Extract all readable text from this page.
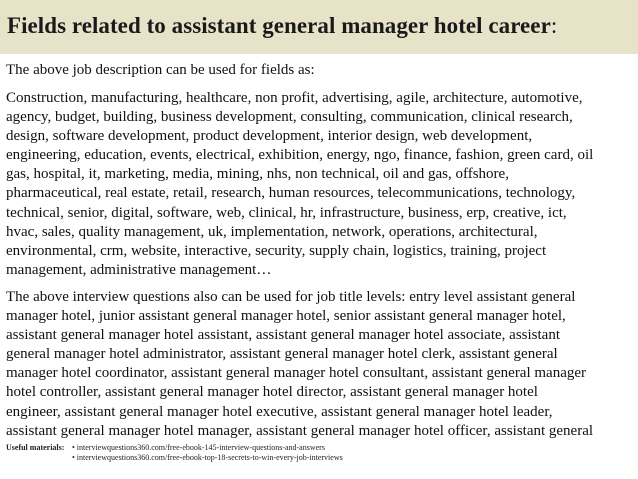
Fields related to assistant general manager hotel career:
The above job description can be used for fields as:
Construction, manufacturing, healthcare, non profit, advertising, agile, architecture, automotive,
agency, budget, building, business development, consulting, communication, clinical research,
design, software development, product development, interior design, web development,
engineering, education, events, electrical, exhibition, energy, ngo, finance, fashion, green card, oil
gas, hospital, it, marketing, media, mining, nhs, non technical, oil and gas, offshore,
pharmaceutical, real estate, retail, research, human resources, telecommunications, technology,
technical, senior, digital, software, web, clinical, hr, infrastructure, business, erp, creative, ict,
hvac, sales, quality management, uk, implementation, network, operations, architectural,
environmental, crm, website, interactive, security, supply chain, logistics, training, project
management, administrative management…
The above interview questions also can be used for job title levels: entry level assistant general
manager hotel, junior assistant general manager hotel, senior assistant general manager hotel,
assistant general manager hotel assistant, assistant general manager hotel associate, assistant
general manager hotel administrator, assistant general manager hotel clerk, assistant general
manager hotel coordinator, assistant general manager hotel consultant, assistant general manager
hotel controller, assistant general manager hotel director, assistant general manager hotel
engineer, assistant general manager hotel executive, assistant general manager hotel leader,
assistant general manager hotel manager, assistant general manager hotel officer, assistant general
Useful materials: • interviewquestions360.com/free-ebook-145-interview-questions-and-answers
• interviewquestions360.com/free-ebook-top-18-secrets-to-win-every-job-interviews
